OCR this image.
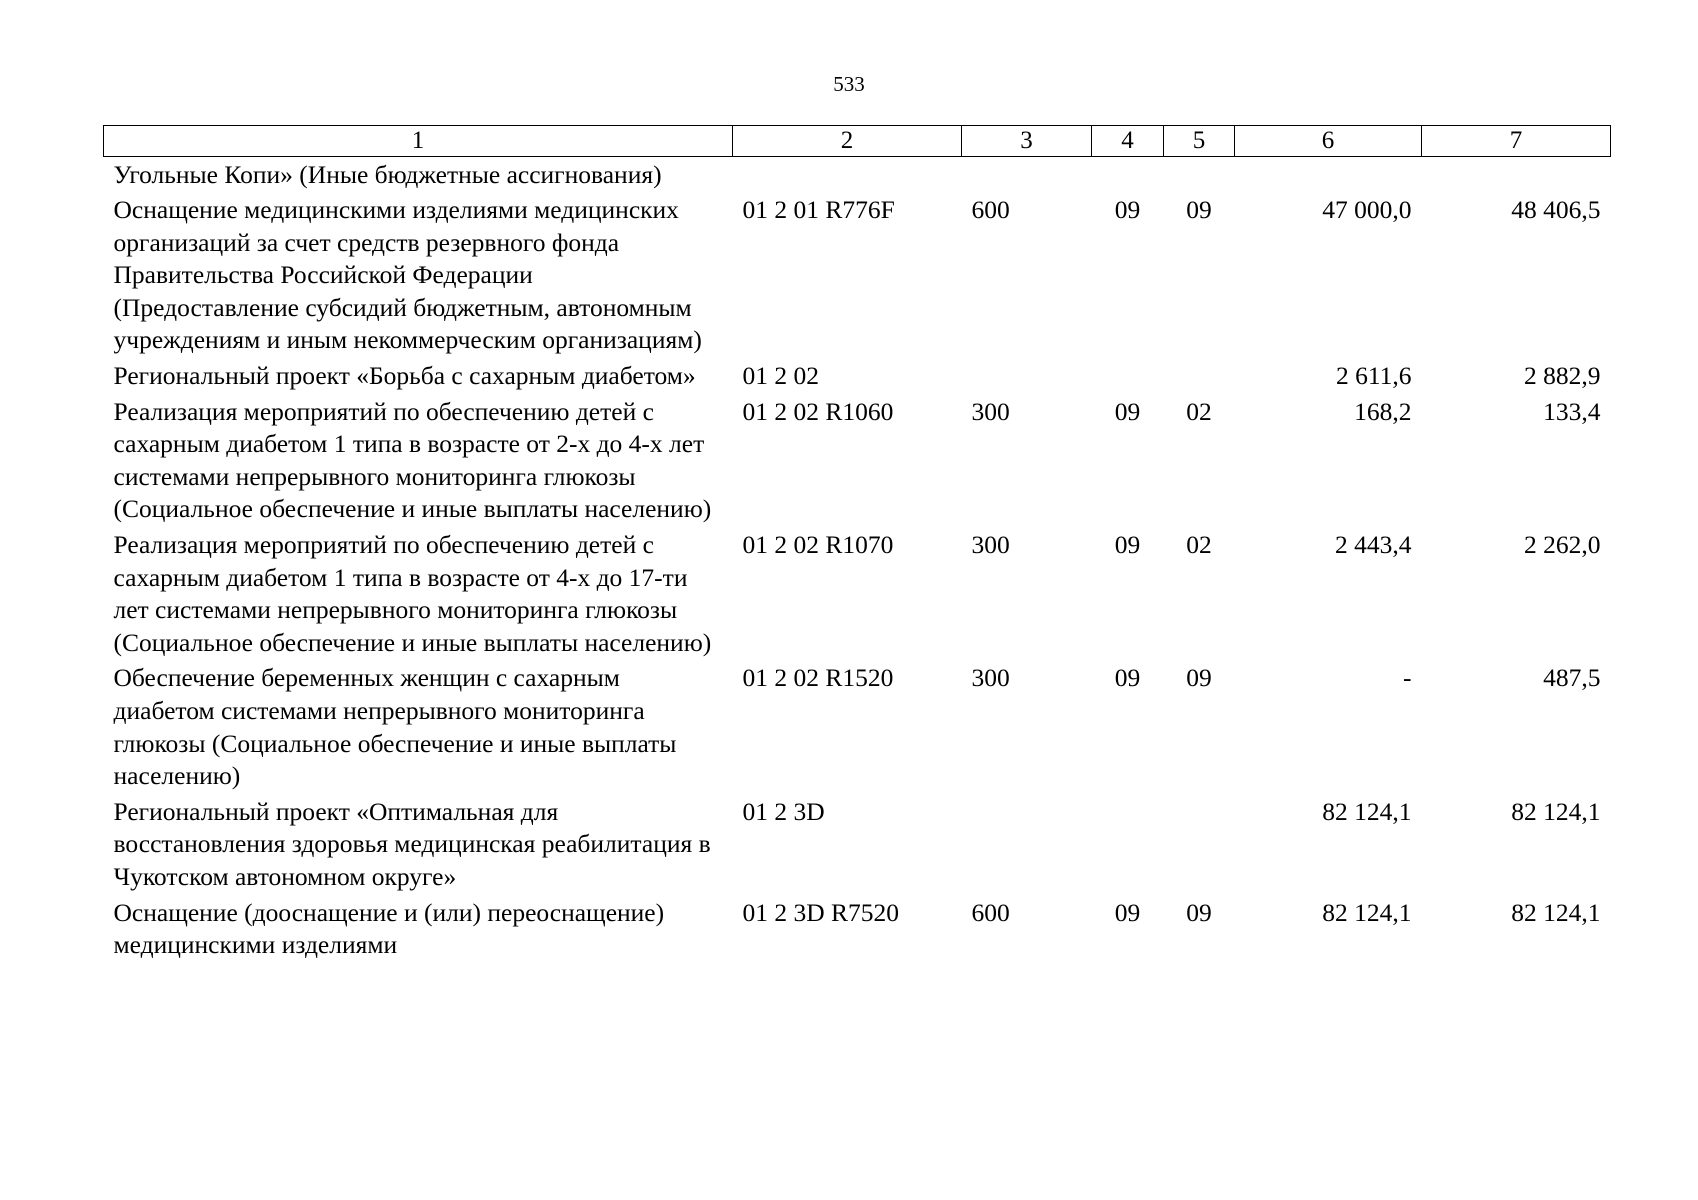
533
1	2	3	4	5	6	7
Угольные Копи» (Иные бюджетные ассигнования)						
Оснащение медицинскими изделиями медицинских организаций за счет средств резервного фонда Правительства Российской Федерации (Предоставление субсидий бюджетным, автономным учреждениям и иным некоммерческим организациям)	01 2 01 R776F	600	09	09	47 000,0	48 406,5
Региональный проект «Борьба с сахарным диабетом»	01 2 02				2 611,6	2 882,9
Реализация мероприятий по обеспечению детей с сахарным диабетом 1 типа в возрасте от 2-х до 4-х лет системами непрерывного мониторинга глюкозы (Социальное обеспечение и иные выплаты населению)	01 2 02 R1060	300	09	02	168,2	133,4
Реализация мероприятий по обеспечению детей с сахарным диабетом 1 типа в возрасте от 4-х до 17-ти лет системами непрерывного мониторинга глюкозы (Социальное обеспечение и иные выплаты населению)	01 2 02 R1070	300	09	02	2 443,4	2 262,0
Обеспечение беременных женщин с сахарным диабетом системами непрерывного мониторинга глюкозы (Социальное обеспечение и иные выплаты населению)	01 2 02 R1520	300	09	09	-	487,5
Региональный проект «Оптимальная для восстановления здоровья медицинская реабилитация в Чукотском автономном округе»	01 2 3D				82 124,1	82 124,1
Оснащение (дооснащение и (или) переоснащение) медицинскими изделиями	01 2 3D R7520	600	09	09	82 124,1	82 124,1
